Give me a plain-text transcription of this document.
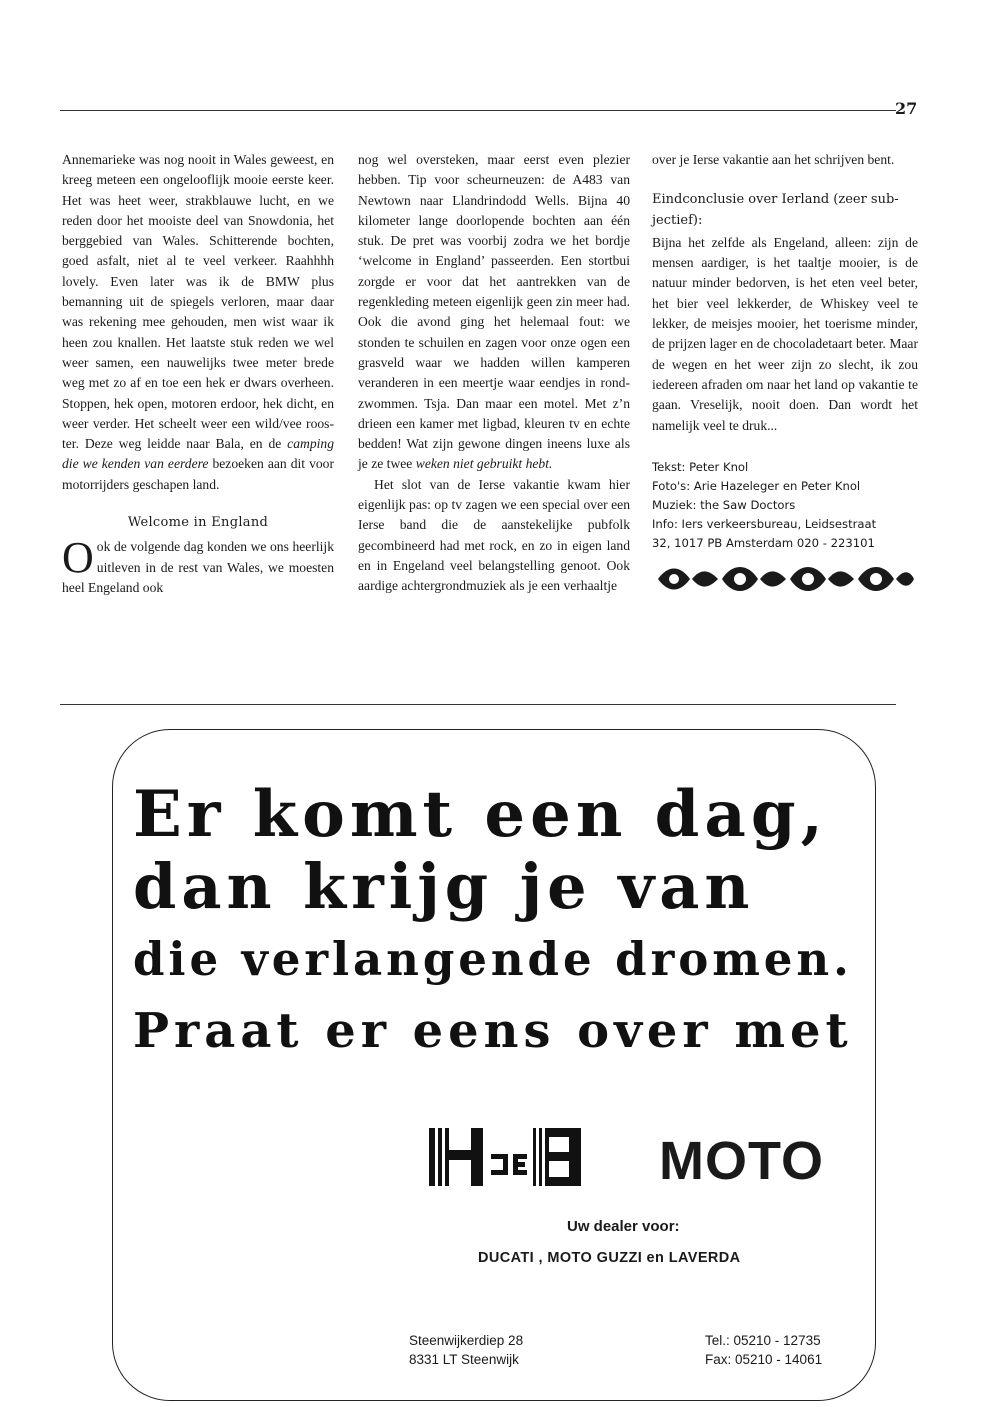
27

Annemarieke was nog nooit in Wales geweest, en kreeg meteen een ongelooflijk mooie eerste keer. Het was heet weer, strakblauwe lucht, en we reden door het mooiste deel van Snowdonia, het berggebied van Wales. Schitterende bochten, goed asfalt, niet al te veel verkeer. Raahhhh lovely. Even later was ik de BMW plus bemanning uit de spiegels verloren, maar daar was rekening mee gehouden, men wist waar ik heen zou knallen. Het laatste stuk reden we wel weer samen, een nauwelijks twee meter brede weg met zo af en toe een hek er dwars overheen. Stoppen, hek open, motoren erdoor, hek dicht, en weer verder. Het scheelt weer een wild/vee rooster. Deze weg leidde naar Bala, en de camping die we kenden van eerdere bezoeken aan dit voor motorrijders geschapen land.

Welcome in England

O ok de volgende dag konden we ons heerlijk uitleven in de rest van Wales, we moesten heel Engeland ook

nog wel oversteken, maar eerst even plezier hebben. Tip voor scheurneuzen: de A483 van Newtown naar Llandrindodd Wells. Bijna 40 kilometer lange doorlopende bochten aan één stuk. De pret was voorbij zodra we het bordje ‘welcome in England’ passeerden. Een stortbui zorgde er voor dat het aantrekken van de regenkleding meteen eigenlijk geen zin meer had. Ook die avond ging het helemaal fout: we stonden te schuilen en zagen voor onze ogen een grasveld waar we hadden willen kamperen veranderen in een meertje waar eendjes in rondzwommen. Tsja. Dan maar een motel. Met z’n drieen een kamer met ligbad, kleuren tv en echte bedden! Wat zijn gewone dingen ineens luxe als je ze twee weken niet gebruikt hebt.

Het slot van de Ierse vakantie kwam hier eigenlijk pas: op tv zagen we een special over een Ierse band die de aanstekelijke pubfolk gecombineerd had met rock, en zo in eigen land en in Engeland veel belangstelling genoot. Ook aardige achtergrondmuziek als je een verhaaltje

over je Ierse vakantie aan het schrijven bent.

Eindconclusie over Ierland (zeer subjectief):

Bijna het zelfde als Engeland, alleen: zijn de mensen aardiger, is het taaltje mooier, is de natuur minder bedorven, is het eten veel beter, het bier veel lekkerder, de Whiskey veel te lekker, de meisjes mooier, het toerisme minder, de prijzen lager en de chocoladetaart beter. Maar de wegen en het weer zijn zo slecht, ik zou iedereen afraden om naar het land op vakantie te gaan. Vreselijk, nooit doen. Dan wordt het namelijk veel te druk...

Tekst: Peter Knol
Foto's: Arie Hazeleger en Peter Knol
Muziek: the Saw Doctors
Info: Iers verkeersbureau, Leidsestraat
32, 1017 PB Amsterdam 020 - 223101
Er komt een dag,
dan krijg je van
die verlangende dromen.
Praat er eens over met
MOTO
Uw dealer voor:
DUCATI , MOTO GUZZI en LAVERDA
Steenwijkerdiep 28
8331 LT Steenwijk
Tel.: 05210 - 12735
Fax: 05210 - 14061
